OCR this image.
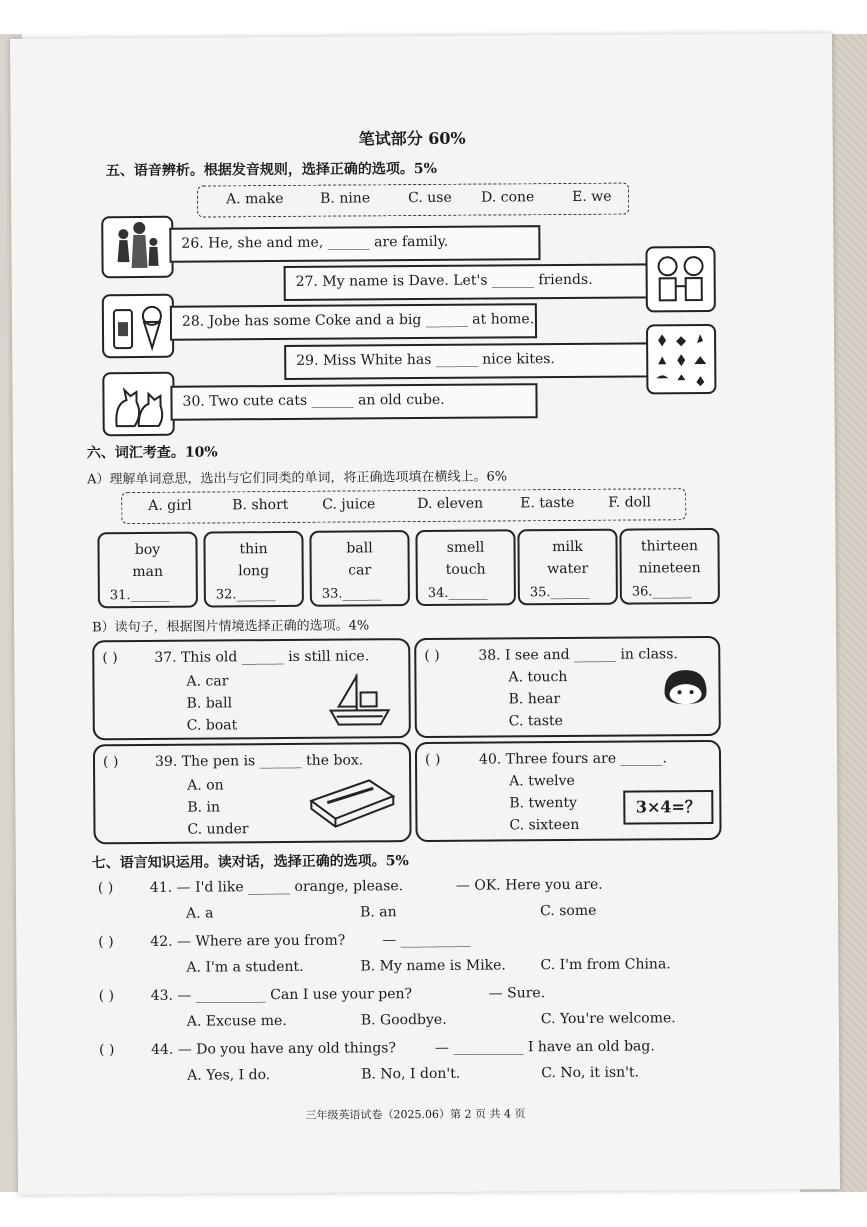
笔试部分 60%
五、语音辨析。根据发音规则，选择正确的选项。5%
A. make	B. nine	C. use D. cone	E. we
26. He, she and me, ______ are family.
27. My name is Dave. Let's ______ friends.
28. Jobe has some Coke and a big ______ at home.
29. Miss White has ______ nice kites.
30. Two cute cats ______ an old cube.
六、词汇考查。10%
A）理解单词意思，选出与它们同类的单词，将正确选项填在横线上。6%
A. girl	B. short C. juice	D. eleven	E. taste F. doll
boy
man
31.______
thin
long
32.______
ball
car
33.______
smell
touch
34.______
milk
water
35.______
thirteen
nineteen
36.______
B）读句子，根据图片情境选择正确的选项。4%
( )	37. This old ______ is still nice.
A. car
B. ball
C. boat
( )	38. I see and ______ in class.
A. touch
B. hear
C. taste
( )	39. The pen is ______ the box.
A. on
B. in
C. under
( )	40. Three fours are ______.
A. twelve
B. twenty
C. sixteen
3×4=？
七、语言知识运用。读对话，选择正确的选项。5%
( )	41. — I'd like ______ orange, please.	— OK. Here you are.
A. a	B. an	C. some
( )	42. — Where are you from?	— __________
A. I'm a student.	B. My name is Mike. C. I'm from China.
( )	43. — __________ Can I use your pen?	— Sure.
A. Excuse me.	B. Goodbye.	C. You're welcome.
( )	44. — Do you have any old things?	— __________ I have an old bag.
A. Yes, I do.	B. No, I don't.	C. No, it isn't.
三年级英语试卷（2025.06）第 2 页 共 4 页
